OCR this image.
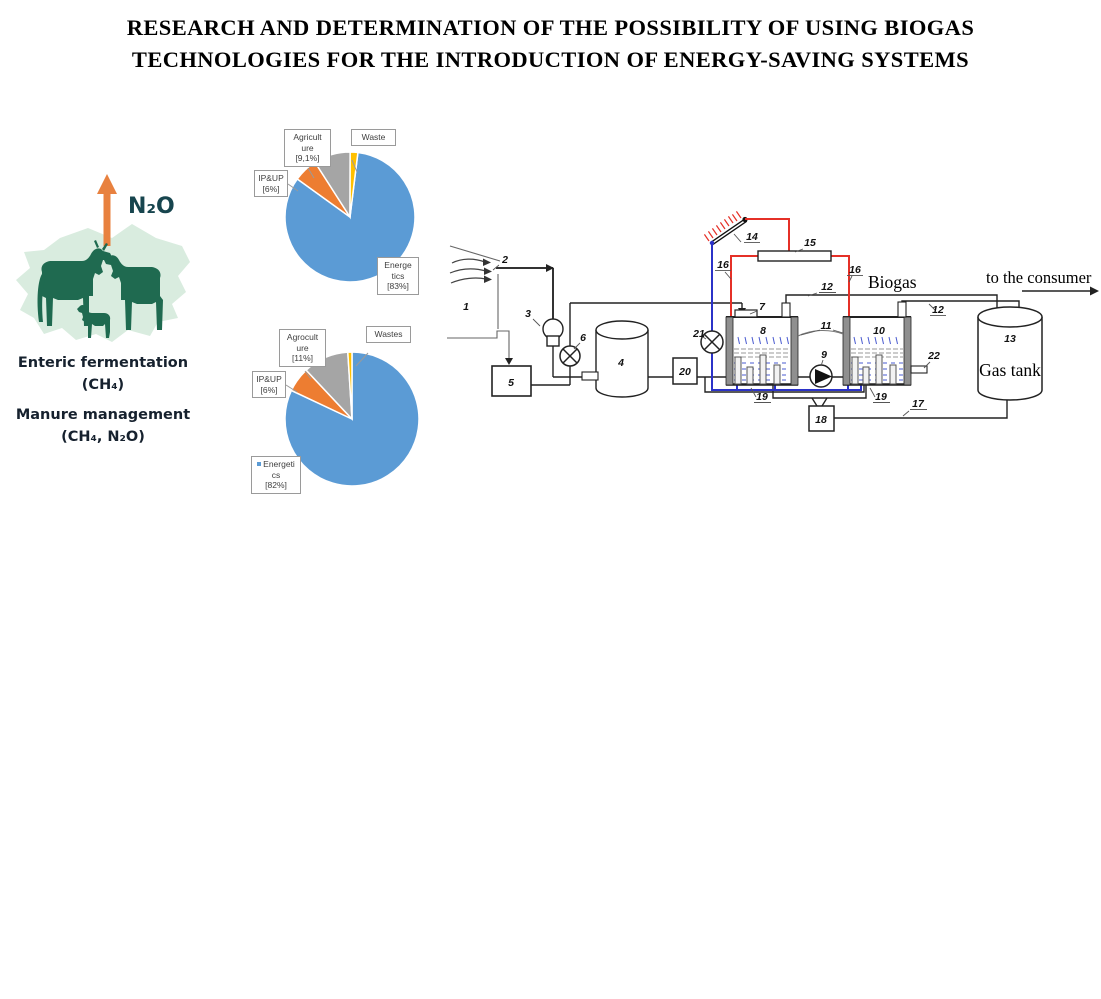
RESEARCH AND DETERMINATION OF THE POSSIBILITY OF USING BIOGAS
TECHNOLOGIES FOR THE INTRODUCTION OF ENERGY-SAVING SYSTEMS
N₂O
Enteric fermentation
(CH₄)
Manure management
(CH₄, N₂O)
Agricult
ure
[9,1%]
Waste
IP&UP
[6%]
Energe
tics
[83%]
Agrocult
ure
[11%]
Wastes
IP&UP
[6%]
Energeti
cs
[82%]
1
2
3
4
5
6
7
8
9
10
11
12
12
13
14	15
16	16
17
18
19	19
20
21
22
Biogas
Gas tank
to the consumer
